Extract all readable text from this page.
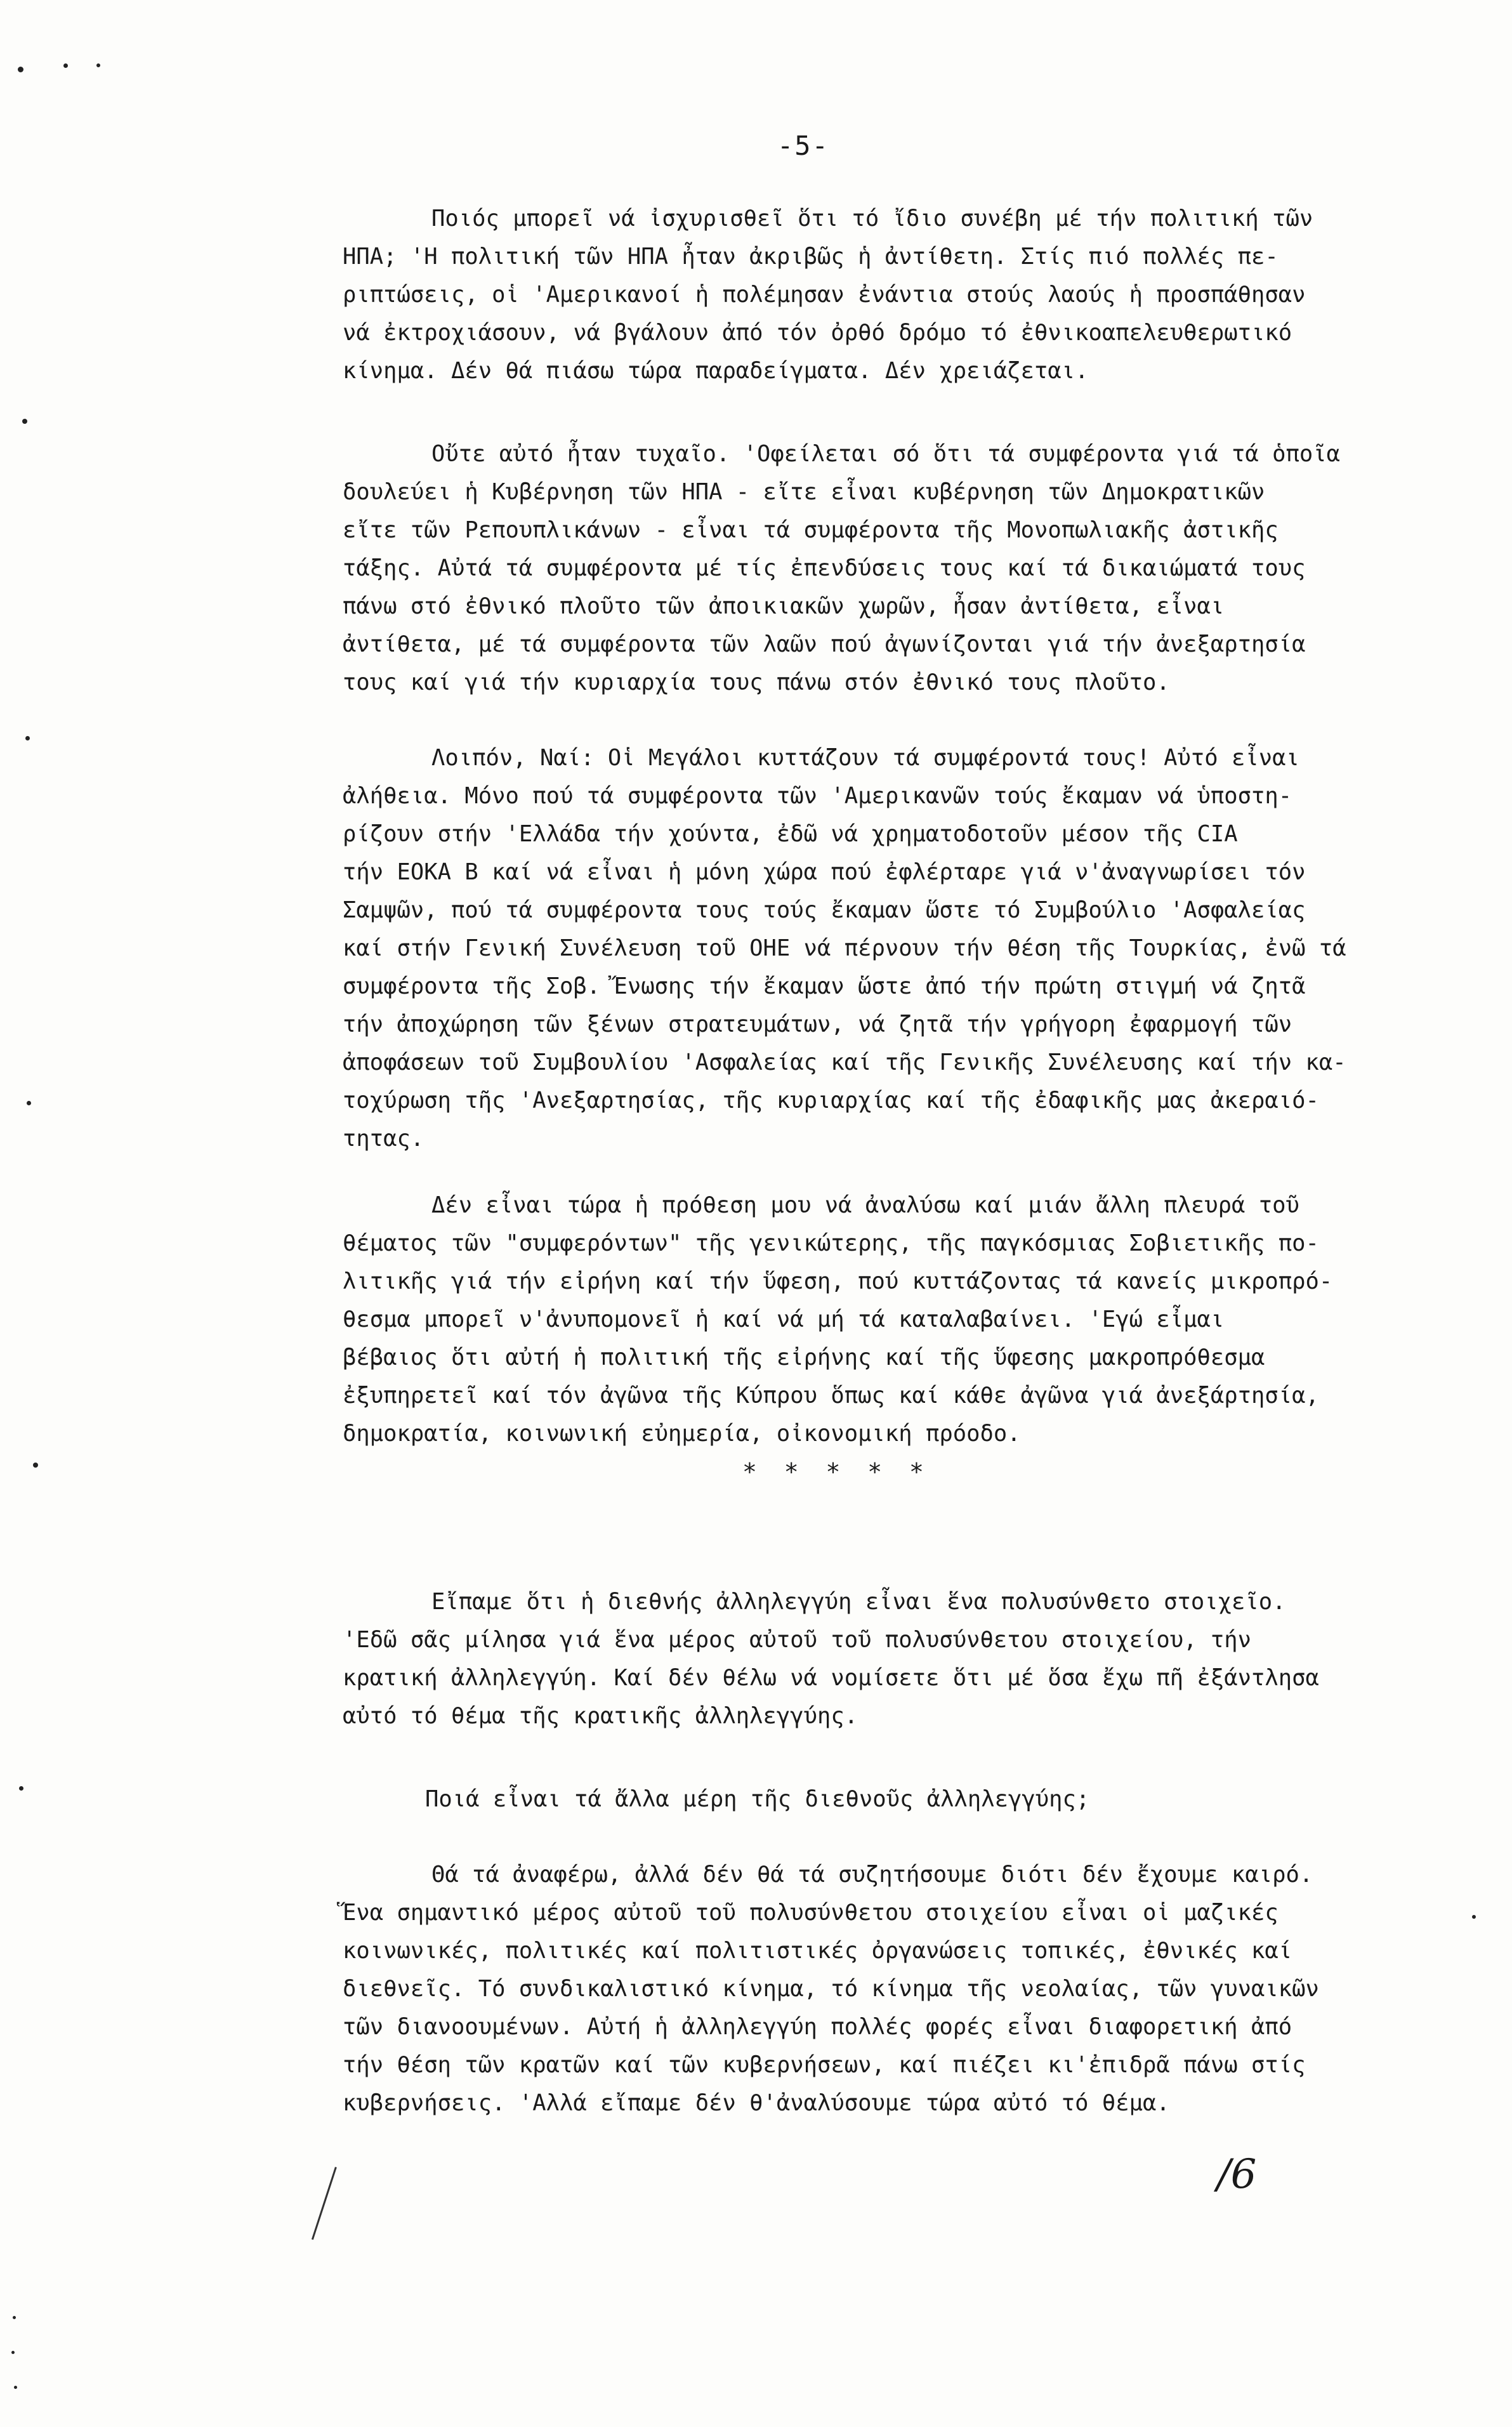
-5-
Ποιός μπορεῖ νά ἰσχυρισθεῖ ὅτι τό ἴδιο συνέβη μέ τήν πολιτική τῶν
ΗΠΑ; 'Η πολιτική τῶν ΗΠΑ ἦταν ἀκριβῶς ἡ ἀντίθετη. Στίς πιό πολλές πε-
ριπτώσεις, οἱ 'Αμερικανοί ἡ πολέμησαν ἐνάντια στούς λαούς ἡ προσπάθησαν
νά ἐκτροχιάσουν, νά βγάλουν ἀπό τόν ὀρθό δρόμο τό ἐθνικοαπελευθερωτικό
κίνημα. Δέν θά πιάσω τώρα παραδείγματα. Δέν χρειάζεται.
Οὔτε αὐτό ἦταν τυχαῖο. 'Οφείλεται σό ὅτι τά συμφέροντα γιά τά ὁποῖα
δουλεύει ἡ Κυβέρνηση τῶν ΗΠΑ - εἴτε εἶναι κυβέρνηση τῶν Δημοκρατικῶν
εἴτε τῶν Ρεπουπλικάνων - εἶναι τά συμφέροντα τῆς Μονοπωλιακῆς ἀστικῆς
τάξης. Αὐτά τά συμφέροντα μέ τίς ἐπενδύσεις τους καί τά δικαιώματά τους
πάνω στό ἐθνικό πλοῦτο τῶν ἀποικιακῶν χωρῶν, ἦσαν ἀντίθετα, εἶναι
ἀντίθετα, μέ τά συμφέροντα τῶν λαῶν πού ἀγωνίζονται γιά τήν ἀνεξαρτησία
τους καί γιά τήν κυριαρχία τους πάνω στόν ἐθνικό τους πλοῦτο.
Λοιπόν, Ναί: Οἱ Μεγάλοι κυττάζουν τά συμφέροντά τους! Αὐτό εἶναι
ἀλήθεια. Μόνο πού τά συμφέροντα τῶν 'Αμερικανῶν τούς ἔκαμαν νά ὑποστη-
ρίζουν στήν 'Ελλάδα τήν χούντα, ἐδῶ νά χρηματοδοτοῦν μέσον τῆς CIA
τήν ΕΟΚΑ Β καί νά εἶναι ἡ μόνη χώρα πού ἐφλέρταρε γιά ν'ἀναγνωρίσει τόν
Σαμψῶν, πού τά συμφέροντα τους τούς ἔκαμαν ὥστε τό Συμβούλιο 'Ασφαλείας
καί στήν Γενική Συνέλευση τοῦ ΟΗΕ νά πέρνουν τήν θέση τῆς Τουρκίας, ἐνῶ τά
συμφέροντα τῆς Σοβ. Ἔνωσης τήν ἔκαμαν ὥστε ἀπό τήν πρώτη στιγμή νά ζητᾶ
τήν ἀποχώρηση τῶν ξένων στρατευμάτων, νά ζητᾶ τήν γρήγορη ἐφαρμογή τῶν
ἀποφάσεων τοῦ Συμβουλίου 'Ασφαλείας καί τῆς Γενικῆς Συνέλευσης καί τήν κα-
τοχύρωση τῆς 'Ανεξαρτησίας, τῆς κυριαρχίας καί τῆς ἐδαφικῆς μας ἀκεραιό-
τητας.
Δέν εἶναι τώρα ἡ πρόθεση μου νά ἀναλύσω καί μιάν ἄλλη πλευρά τοῦ
θέματος τῶν "συμφερόντων" τῆς γενικώτερης, τῆς παγκόσμιας Σοβιετικῆς πο-
λιτικῆς γιά τήν εἰρήνη καί τήν ὕφεση, πού κυττάζοντας τά κανείς μικροπρό-
θεσμα μπορεῖ ν'ἀνυπομονεῖ ἡ καί νά μή τά καταλαβαίνει. 'Εγώ εἶμαι
βέβαιος ὅτι αὐτή ἡ πολιτική τῆς εἰρήνης καί τῆς ὕφεσης μακροπρόθεσμα
ἐξυπηρετεῖ καί τόν ἀγῶνα τῆς Κύπρου ὅπως καί κάθε ἀγῶνα γιά ἀνεξάρτησία,
δημοκρατία, κοινωνική εὐημερία, οἰκονομική πρόοδο.
* * * * *
Εἴπαμε ὅτι ἡ διεθνής ἀλληλεγγύη εἶναι ἕνα πολυσύνθετο στοιχεῖο.
'Εδῶ σᾶς μίλησα γιά ἕνα μέρος αὐτοῦ τοῦ πολυσύνθετου στοιχείου, τήν
κρατική ἀλληλεγγύη. Καί δέν θέλω νά νομίσετε ὅτι μέ ὅσα ἔχω πῆ ἐξάντλησα
αὐτό τό θέμα τῆς κρατικῆς ἀλληλεγγύης.
Ποιά εἶναι τά ἄλλα μέρη τῆς διεθνοῦς ἀλληλεγγύης;
Θά τά ἀναφέρω, ἀλλά δέν θά τά συζητήσουμε διότι δέν ἔχουμε καιρό.
Ἕνα σημαντικό μέρος αὐτοῦ τοῦ πολυσύνθετου στοιχείου εἶναι οἱ μαζικές
κοινωνικές, πολιτικές καί πολιτιστικές ὀργανώσεις τοπικές, ἐθνικές καί
διεθνεῖς. Τό συνδικαλιστικό κίνημα, τό κίνημα τῆς νεολαίας, τῶν γυναικῶν
τῶν διανοουμένων. Αὐτή ἡ ἀλληλεγγύη πολλές φορές εἶναι διαφορετική ἀπό
τήν θέση τῶν κρατῶν καί τῶν κυβερνήσεων, καί πιέζει κι'ἐπιδρᾶ πάνω στίς
κυβερνήσεις. 'Αλλά εἴπαμε δέν θ'ἀναλύσουμε τώρα αὐτό τό θέμα.
/6
